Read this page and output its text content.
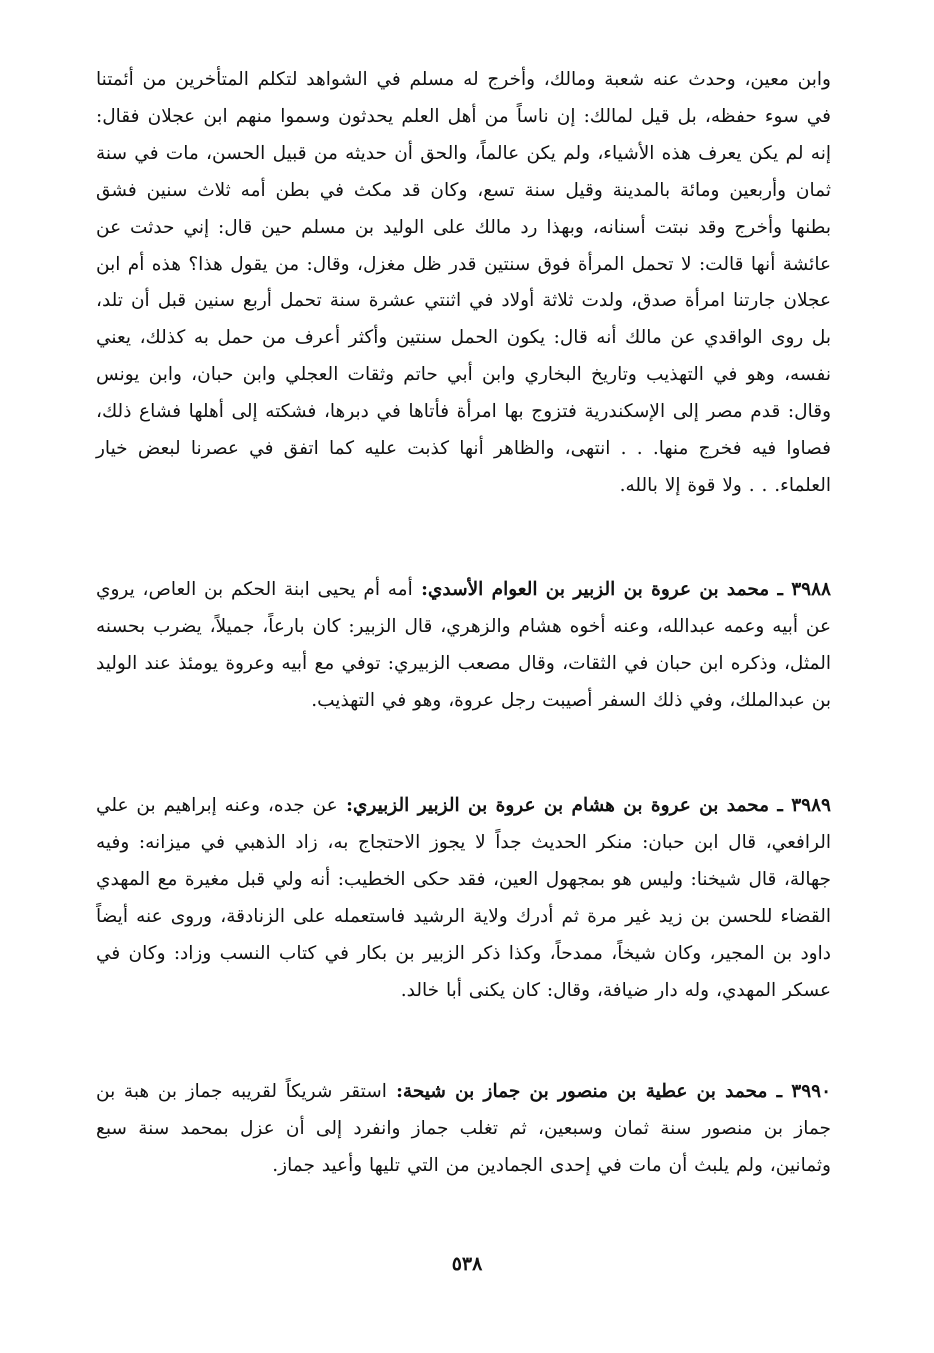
وابن معين، وحدث عنه شعبة ومالك، وأخرج له مسلم في الشواهد لتكلم المتأخرين من أئمتنا في سوء حفظه، بل قيل لمالك: إن ناساً من أهل العلم يحدثون وسموا منهم ابن عجلان فقال: إنه لم يكن يعرف هذه الأشياء، ولم يكن عالماً، والحق أن حديثه من قبيل الحسن، مات في سنة ثمان وأربعين ومائة بالمدينة وقيل سنة تسع، وكان قد مكث في بطن أمه ثلاث سنين فشق بطنها وأخرج وقد نبتت أسنانه، وبهذا رد مالك على الوليد بن مسلم حين قال: إني حدثت عن عائشة أنها قالت: لا تحمل المرأة فوق سنتين قدر ظل مغزل، وقال: من يقول هذا؟ هذه أم ابن عجلان جارتنا امرأة صدق، ولدت ثلاثة أولاد في اثنتي عشرة سنة تحمل أربع سنين قبل أن تلد، بل روى الواقدي عن مالك أنه قال: يكون الحمل سنتين وأكثر أعرف من حمل به كذلك، يعني نفسه، وهو في التهذيب وتاريخ البخاري وابن أبي حاتم وثقات العجلي وابن حبان، وابن يونس وقال: قدم مصر إلى الإسكندرية فتزوج بها امرأة فأتاها في دبرها، فشكته إلى أهلها فشاع ذلك، فصاوا فيه فخرج منها. . . انتهى، والظاهر أنها كذبت عليه كما اتفق في عصرنا لبعض خيار العلماء. . . ولا قوة إلا بالله.
٣٩٨٨ ـ محمد بن عروة بن الزبير بن العوام الأسدي: أمه أم يحيى ابنة الحكم بن العاص، يروي عن أبيه وعمه عبدالله، وعنه أخوه هشام والزهري، قال الزبير: كان بارعاً، جميلاً، يضرب بحسنه المثل، وذكره ابن حبان في الثقات، وقال مصعب الزبيري: توفي مع أبيه وعروة يومئذ عند الوليد بن عبدالملك، وفي ذلك السفر أصيبت رجل عروة، وهو في التهذيب.
٣٩٨٩ ـ محمد بن عروة بن هشام بن عروة بن الزبير الزبيري: عن جده، وعنه إبراهيم بن علي الرافعي، قال ابن حبان: منكر الحديث جداً لا يجوز الاحتجاج به، زاد الذهبي في ميزانه: وفيه جهالة، قال شيخنا: وليس هو بمجهول العين، فقد حكى الخطيب: أنه ولي قبل مغيرة مع المهدي القضاء للحسن بن زيد غير مرة ثم أدرك ولاية الرشيد فاستعمله على الزنادقة، وروى عنه أيضاً داود بن المجير، وكان شيخاً، ممدحاً، وكذا ذكر الزبير بن بكار في كتاب النسب وزاد: وكان في عسكر المهدي، وله دار ضيافة، وقال: كان يكنى أبا خالد.
٣٩٩٠ ـ محمد بن عطية بن منصور بن جماز بن شيحة: استقر شريكاً لقريبه جماز بن هبة بن جماز بن منصور سنة ثمان وسبعين، ثم تغلب جماز وانفرد إلى أن عزل بمحمد سنة سبع وثمانين، ولم يلبث أن مات في إحدى الجمادين من التي تليها وأعيد جماز.
٥٣٨
